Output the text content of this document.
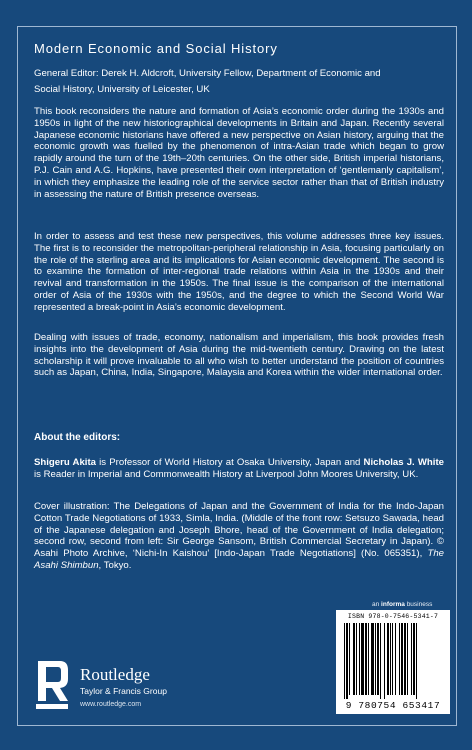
Modern Economic and Social History
General Editor: Derek H. Aldcroft, University Fellow, Department of Economic and
Social History, University of Leicester, UK
This book reconsiders the nature and formation of Asia’s economic order during the 1930s and 1950s in light of the new historiographical developments in Britain and Japan. Recently several Japanese economic historians have offered a new perspective on Asian history, arguing that the economic growth was fuelled by the phenomenon of intra-Asian trade which began to grow rapidly around the turn of the 19th–20th centuries. On the other side, British imperial historians, P.J. Cain and A.G. Hopkins, have presented their own interpretation of ‘gentlemanly capitalism’, in which they emphasize the leading role of the service sector rather than that of British industry in assessing the nature of British presence overseas.
In order to assess and test these new perspectives, this volume addresses three key issues. The first is to reconsider the metropolitan-peripheral relationship in Asia, focusing particularly on the role of the sterling area and its implications for Asian economic development. The second is to examine the formation of inter-regional trade relations within Asia in the 1930s and their revival and transformation in the 1950s. The final issue is the comparison of the international order of Asia of the 1930s with the 1950s, and the degree to which the Second World War represented a break-point in Asia’s economic development.
Dealing with issues of trade, economy, nationalism and imperialism, this book provides fresh insights into the development of Asia during the mid-twentieth century. Drawing on the latest scholarship it will prove invaluable to all who wish to better understand the position of countries such as Japan, China, India, Singapore, Malaysia and Korea within the wider international order.
About the editors:
Shigeru Akita is Professor of World History at Osaka University, Japan and Nicholas J. White is Reader in Imperial and Commonwealth History at Liverpool John Moores University, UK.
Cover illustration: The Delegations of Japan and the Government of India for the Indo-Japan Cotton Trade Negotiations of 1933, Simla, India. (Middle of the front row: Setsuzo Sawada, head of the Japanese delegation and Joseph Bhore, head of the Government of India delegation; second row, second from left: Sir George Sansom, British Commercial Secretary in Japan). © Asahi Photo Archive, ‘Nichi-In Kaishou’ [Indo-Japan Trade Negotiations] (No. 065351), The Asahi Shimbun, Tokyo.
an informa business
Routledge
Taylor & Francis Group
www.routledge.com
ISBN 978-0-7546-5341-7
9 780754 653417
